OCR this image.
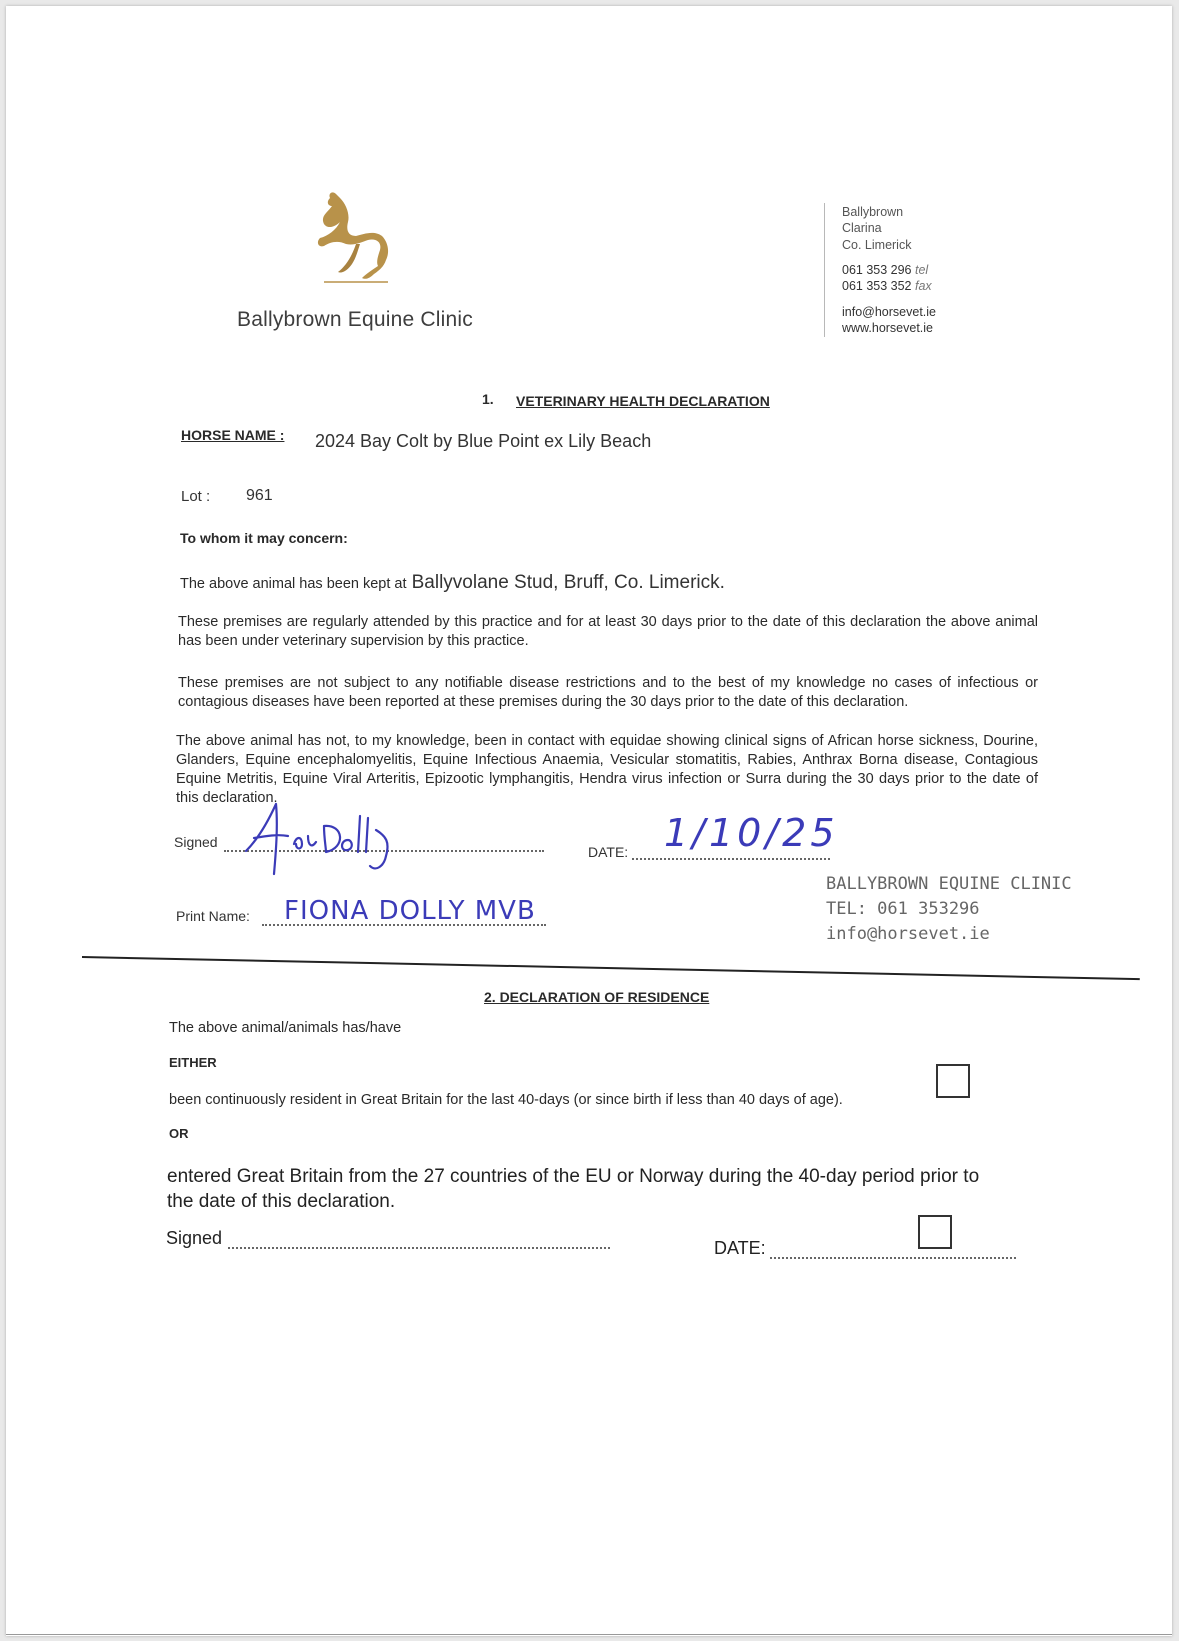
Ballybrown Equine Clinic
Ballybrown
Clarina
Co. Limerick
061 353 296 tel
061 353 352 fax
info@horsevet.ie
www.horsevet.ie
1. VETERINARY HEALTH DECLARATION
HORSE NAME : 2024 Bay Colt by Blue Point ex Lily Beach
Lot : 961
To whom it may concern:
The above animal has been kept at Ballyvolane Stud, Bruff, Co. Limerick.
These premises are regularly attended by this practice and for at least 30 days prior to the date of this declaration the above animal has been under veterinary supervision by this practice.
These premises are not subject to any notifiable disease restrictions and to the best of my knowledge no cases of infectious or contagious diseases have been reported at these premises during the 30 days prior to the date of this declaration.
The above animal has not, to my knowledge, been in contact with equidae showing clinical signs of African horse sickness, Dourine, Glanders, Equine encephalomyelitis, Equine Infectious Anaemia, Vesicular stomatitis, Rabies, Anthrax Borna disease, Contagious Equine Metritis, Equine Viral Arteritis, Epizootic lymphangitis, Hendra virus infection or Surra during the 30 days prior to the date of this declaration.
Signed
DATE: 1/10/25
Print Name: FIONA DOLLY MVB
BALLYBROWN EQUINE CLINIC
TEL: 061 353296
info@horsevet.ie
2. DECLARATION OF RESIDENCE
The above animal/animals has/have
EITHER
been continuously resident in Great Britain for the last 40-days (or since birth if less than 40 days of age).
OR
entered Great Britain from the 27 countries of the EU or Norway during the 40-day period prior to the date of this declaration.
Signed	DATE:
